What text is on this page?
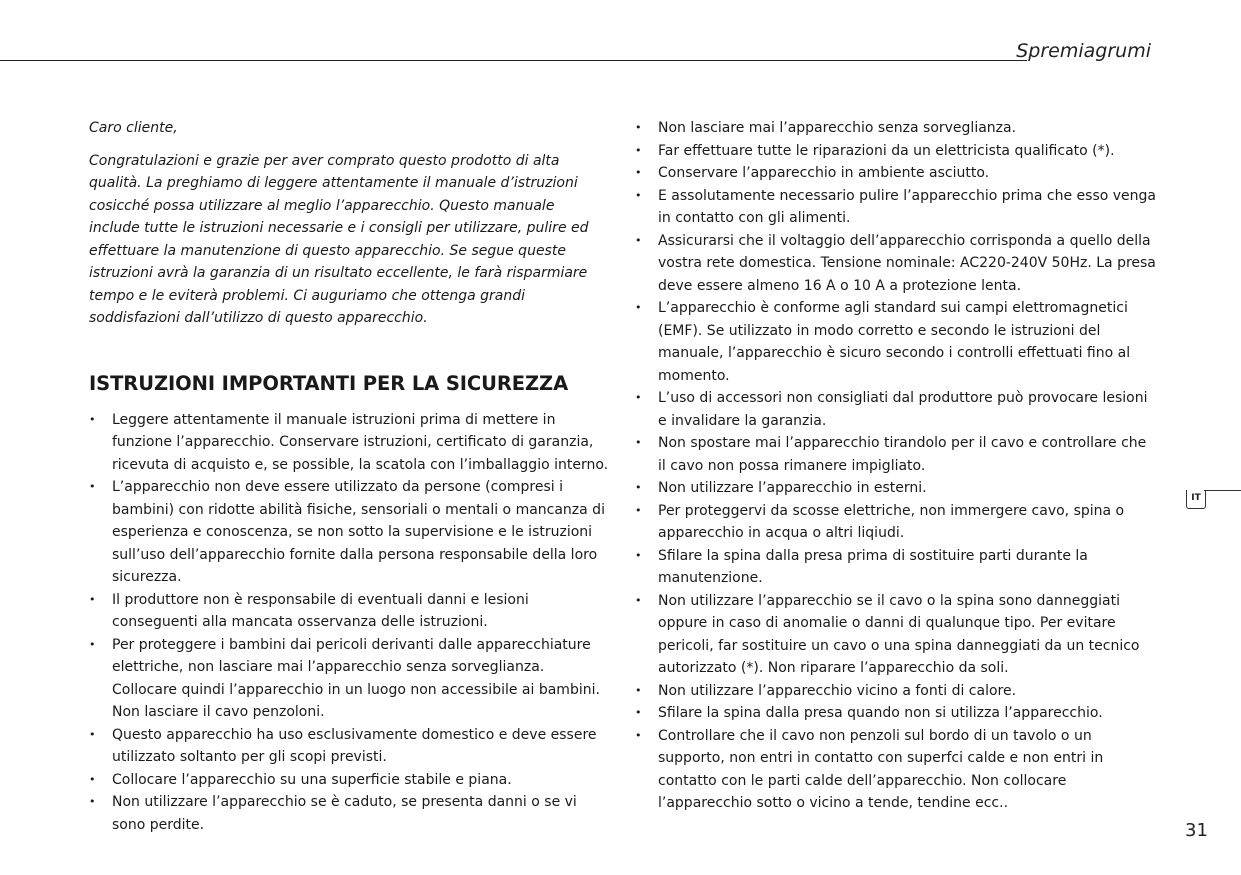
Spremiagrumi

Caro cliente,

Congratulazioni e grazie per aver comprato questo prodotto di alta qualità. La preghiamo di leggere attentamente il manuale d’istruzioni cosicché possa utilizzare al meglio l’apparecchio. Questo manuale include tutte le istruzioni necessarie e i consigli per utilizzare, pulire ed effettuare la manutenzione di questo apparecchio. Se segue queste istruzioni avrà la garanzia di un risultato eccellente, le farà risparmiare tempo e le eviterà problemi. Ci auguriamo che ottenga grandi soddisfazioni dall’utilizzo di questo apparecchio.

ISTRUZIONI IMPORTANTI PER LA SICUREZZA
• Leggere attentamente il manuale istruzioni prima di mettere in funzione l’apparecchio. Conservare istruzioni, certificato di garanzia, ricevuta di acquisto e, se possible, la scatola con l’imballaggio interno.
• L’apparecchio non deve essere utilizzato da persone (compresi i bambini) con ridotte abilità fisiche, sensoriali o mentali o mancanza di esperienza e conoscenza, se non sotto la supervisione e le istruzioni sull’uso dell’apparecchio fornite dalla persona responsabile della loro sicurezza.
• Il produttore non è responsabile di eventuali danni e lesioni conseguenti alla mancata osservanza delle istruzioni.
• Per proteggere i bambini dai pericoli derivanti dalle apparecchiature elettriche, non lasciare mai l’apparecchio senza sorveglianza. Collocare quindi l’apparecchio in un luogo non accessibile ai bambini. Non lasciare il cavo penzoloni.
• Questo apparecchio ha uso esclusivamente domestico e deve essere utilizzato soltanto per gli scopi previsti.
• Collocare l’apparecchio su una superficie stabile e piana.
• Non utilizzare l’apparecchio se è caduto, se presenta danni o se vi sono perdite.
• Non lasciare mai l’apparecchio senza sorveglianza.
• Far effettuare tutte le riparazioni da un elettricista qualificato (*).
• Conservare l’apparecchio in ambiente asciutto.
• E assolutamente necessario pulire l’apparecchio prima che esso venga in contatto con gli alimenti.
• Assicurarsi che il voltaggio dell’apparecchio corrisponda a quello della vostra rete domestica. Tensione nominale: AC220-240V 50Hz. La presa deve essere almeno 16 A o 10 A a protezione lenta.
• L’apparecchio è conforme agli standard sui campi elettromagnetici (EMF). Se utilizzato in modo corretto e secondo le istruzioni del manuale, l’apparecchio è sicuro secondo i controlli effettuati fino al momento.
• L’uso di accessori non consigliati dal produttore può provocare lesioni e invalidare la garanzia.
• Non spostare mai l’apparecchio tirandolo per il cavo e controllare che il cavo non possa rimanere impigliato.
• Non utilizzare l’apparecchio in esterni.
• Per proteggervi da scosse elettriche, non immergere cavo, spina o apparecchio in acqua o altri liqiudi.
• Sfilare la spina dalla presa prima di sostituire parti durante la manutenzione.
• Non utilizzare l’apparecchio se il cavo o la spina sono danneggiati oppure in caso di anomalie o danni di qualunque tipo. Per evitare pericoli, far sostituire un cavo o una spina danneggiati da un tecnico autorizzato (*). Non riparare l’apparecchio da soli.
• Non utilizzare l’apparecchio vicino a fonti di calore.
• Sfilare la spina dalla presa quando non si utilizza l’apparecchio.
• Controllare che il cavo non penzoli sul bordo di un tavolo o un supporto, non entri in contatto con superfci calde e non entri in contatto con le parti calde dell’apparecchio. Non collocare l’apparecchio sotto o vicino a tende, tendine ecc..
IT
31
